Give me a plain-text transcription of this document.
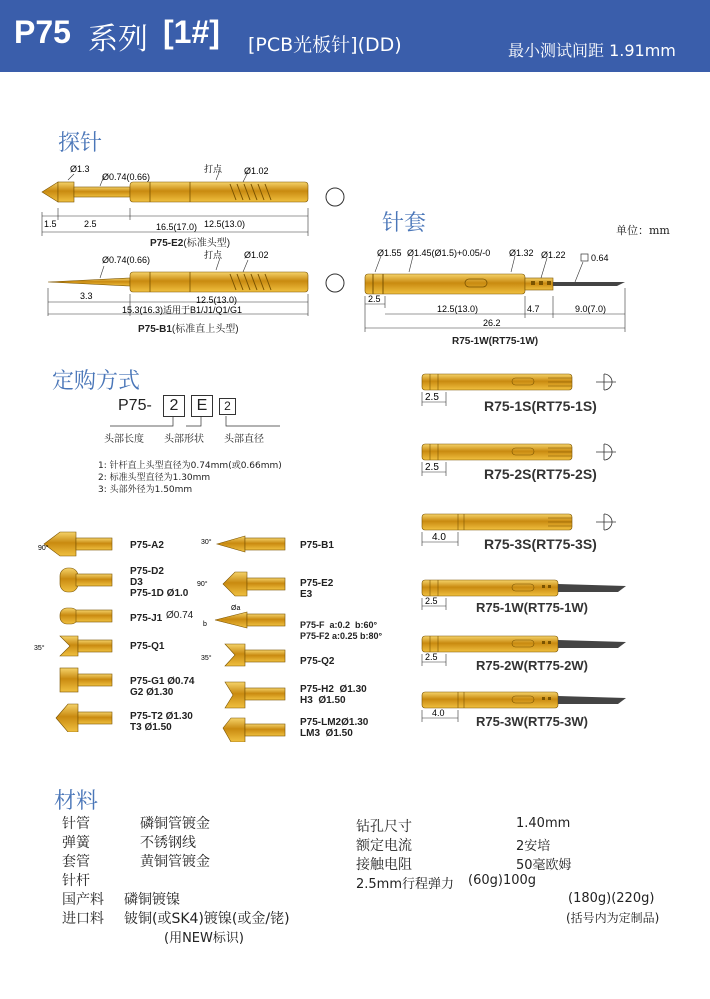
P75 系列 [1#] [PCB光板针](DD)	最小测试间距 1.91mm
探针
针套	单位：mm
定购方式
材料
Ø1.3
Ø0.74(0.66)
打点 Ø1.02
1.5	2.5	12.5(13.0)
16.5(17.0)
P75-E2(标准头型)
Ø0.74(0.66)	打点 Ø1.02
3.3	12.5(13.0)
15.3(16.3)适用于B1/J1/Q1/G1
P75-B1(标准直上头型)
Ø1.55 Ø1.45(Ø1.5)+0.05/-0 Ø1.32 Ø1.22	0.64
2.5
12.5(13.0)	4.7	9.0(7.0)
26.2
R75-1W(RT75-1W)
P75-	2	E	2
头部长度 头部形状 头部直径
1: 针杆直上头型直径为0.74mm(或0.66mm)
2: 标准头型直径为1.30mm
3: 头部外径为1.50mm
90°
35°
P75-A2
P75-D2
D3
P75-1D Ø1.0
P75-J1 Ø0.74
P75-Q1
P75-G1 Ø0.74
G2 Ø1.30
P75-T2 Ø1.30
T3 Ø1.50
30°
90°
Øa
b
35°
P75-B1
P75-E2
E3
P75-F  a:0.2  b:60°
P75-F2 a:0.25 b:80°
P75-Q2
P75-H2  Ø1.30
H3  Ø1.50
P75-LM2Ø1.30
LM3  Ø1.50
2.5
2.5
4.0
2.5
2.5
4.0
R75-1S(RT75-1S)
R75-2S(RT75-2S)
R75-3S(RT75-3S)
R75-1W(RT75-1W)
R75-2W(RT75-2W)
R75-3W(RT75-3W)
针管	磷铜管镀金
弹簧	不锈钢线
套管	黄铜管镀金
针杆
国产料 磷铜镀镍
进口料 铍铜(或SK4)镀镍(或金/铑)
(用NEW标识)
钻孔尺寸	1.40mm
额定电流	2安培
接触电阻	50毫欧姆
2.5mm行程弹力 (60g)100g
(180g)(220g)
(括号内为定制品)
